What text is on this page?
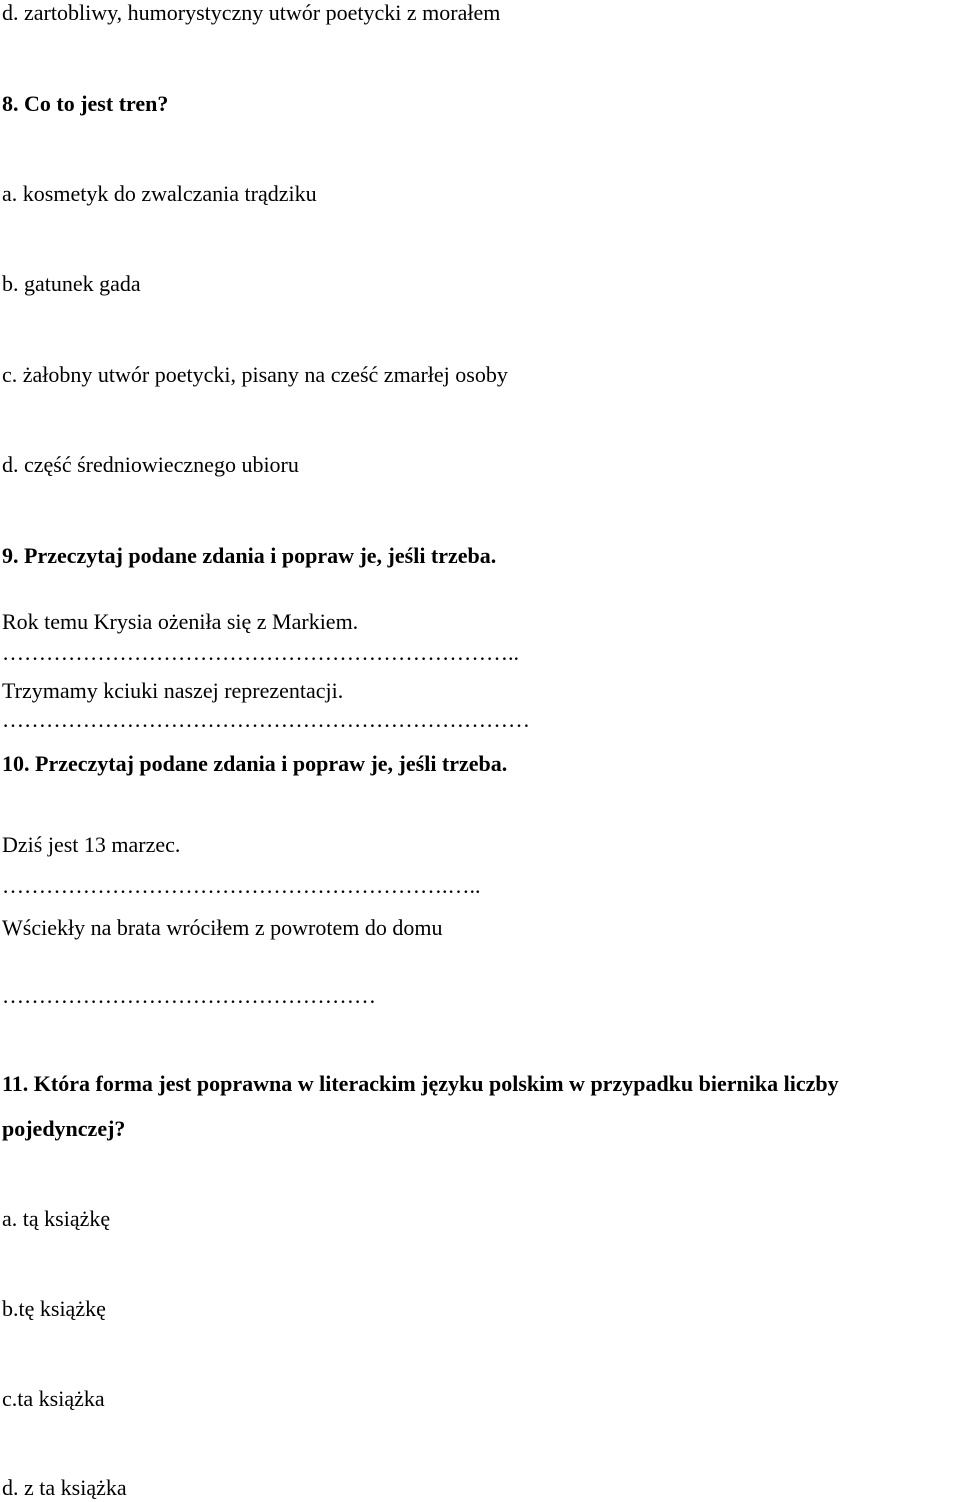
d. zartobliwy, humorystyczny utwór poetycki z morałem
8. Co to jest tren?
a. kosmetyk do zwalczania trądziku
b. gatunek gada
c. żałobny utwór poetycki, pisany na cześć zmarłej osoby
d. część średniowiecznego ubioru
9. Przeczytaj podane zdania i popraw je, jeśli trzeba.
Rok temu Krysia ożeniła się z Markiem.
……………………………………………………………..
Trzymamy kciuki naszej reprezentacji.
………………………………………………………………
10. Przeczytaj podane zdania i popraw je, jeśli trzeba.
Dziś jest 13 marzec.
…………………………………………………….…..
Wściekły na brata wróciłem z powrotem do domu
……………………………………………
11. Która forma jest poprawna w literackim języku polskim w przypadku biernika liczby
pojedynczej?
a. tą książkę
b.tę książkę
c.ta książka
d. z ta książka
